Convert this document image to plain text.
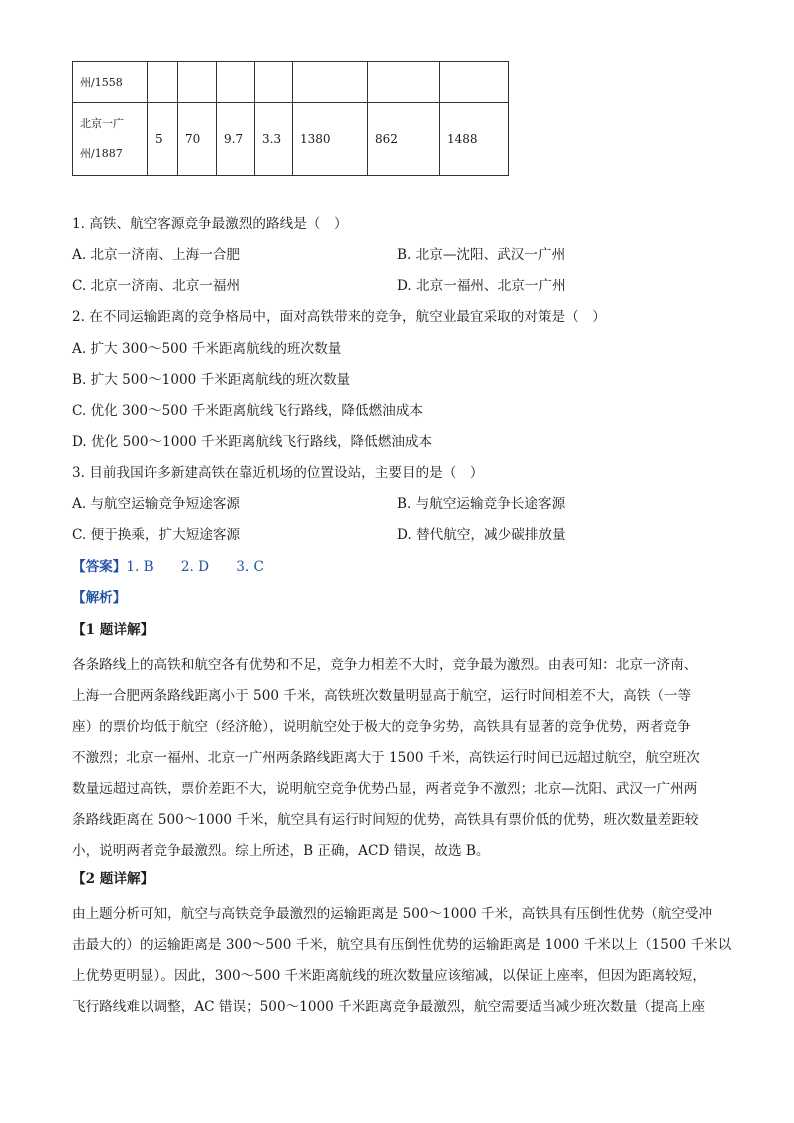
州/1558							

北京一广
州/1887	5	70	9.7	3.3	1380	862	1488
1. 高铁、航空客源竞争最激烈的路线是（　）
A. 北京一济南、上海一合肥	B. 北京—沈阳、武汉一广州
C. 北京一济南、北京一福州	D. 北京一福州、北京一广州
2. 在不同运输距离的竞争格局中，面对高铁带来的竞争，航空业最宜采取的对策是（　）
A. 扩大 300～500 千米距离航线的班次数量
B. 扩大 500～1000 千米距离航线的班次数量
C. 优化 300～500 千米距离航线飞行路线，降低燃油成本
D. 优化 500～1000 千米距离航线飞行路线，降低燃油成本
3. 目前我国许多新建高铁在靠近机场的位置设站，主要目的是（　）
A. 与航空运输竞争短途客源	B. 与航空运输竞争长途客源
C. 便于换乘，扩大短途客源	D. 替代航空，减少碳排放量
【答案】1. B　　2. D　　3. C
【解析】
【1 题详解】
各条路线上的高铁和航空各有优势和不足，竞争力相差不大时，竞争最为激烈。由表可知：北京一济南、
上海一合肥两条路线距离小于 500 千米，高铁班次数量明显高于航空，运行时间相差不大，高铁（一等
座）的票价均低于航空（经济舱），说明航空处于极大的竞争劣势，高铁具有显著的竞争优势，两者竞争
不激烈；北京一福州、北京一广州两条路线距离大于 1500 千米，高铁运行时间已远超过航空，航空班次
数量远超过高铁，票价差距不大，说明航空竞争优势凸显，两者竞争不激烈；北京—沈阳、武汉一广州两
条路线距离在 500～1000 千米，航空具有运行时间短的优势，高铁具有票价低的优势，班次数量差距较
小，说明两者竞争最激烈。综上所述，B 正确，ACD 错误，故选 B。
【2 题详解】
由上题分析可知，航空与高铁竞争最激烈的运输距离是 500～1000 千米，高铁具有压倒性优势（航空受冲
击最大的）的运输距离是 300～500 千米，航空具有压倒性优势的运输距离是 1000 千米以上（1500 千米以
上优势更明显）。因此，300～500 千米距离航线的班次数量应该缩减，以保证上座率，但因为距离较短，
飞行路线难以调整，AC 错误；500～1000 千米距离竞争最激烈，航空需要适当减少班次数量（提高上座
